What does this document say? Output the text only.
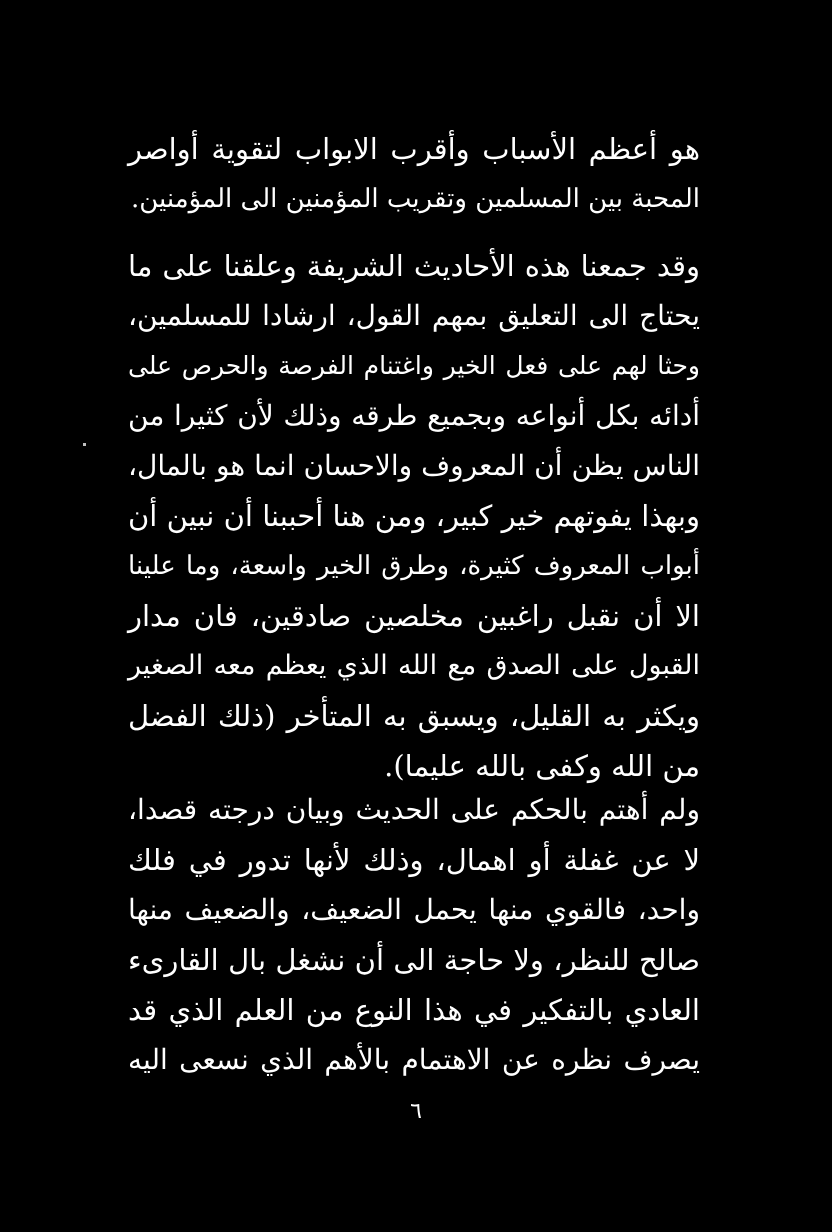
هو أعظم الأسباب وأقرب الابواب لتقوية أواصر
المحبة بين المسلمين وتقريب المؤمنين الى المؤمنين.
وقد جمعنا هذه الأحاديث الشريفة وعلقنا على ما
يحتاج الى التعليق بمهم القول، ارشادا للمسلمين،
وحثا لهم على فعل الخير واغتنام الفرصة والحرص على
أدائه بكل أنواعه وبجميع طرقه وذلك لأن كثيرا من
الناس يظن أن المعروف والاحسان انما هو بالمال،
وبهذا يفوتهم خير كبير، ومن هنا أحببنا أن نبين أن
أبواب المعروف كثيرة، وطرق الخير واسعة، وما علينا
الا أن نقبل راغبين مخلصين صادقين، فان مدار
القبول على الصدق مع الله الذي يعظم معه الصغير
ويكثر به القليل، ويسبق به المتأخر (ذلك الفضل
من الله وكفى بالله عليما).
ولم أهتم بالحكم على الحديث وبيان درجته قصدا،
لا عن غفلة أو اهمال، وذلك لأنها تدور في فلك
واحد، فالقوي منها يحمل الضعيف، والضعيف منها
صالح للنظر، ولا حاجة الى أن نشغل بال القارىء
العادي بالتفكير في هذا النوع من العلم الذي قد
يصرف نظره عن الاهتمام بالأهم الذي نسعى اليه
٦
